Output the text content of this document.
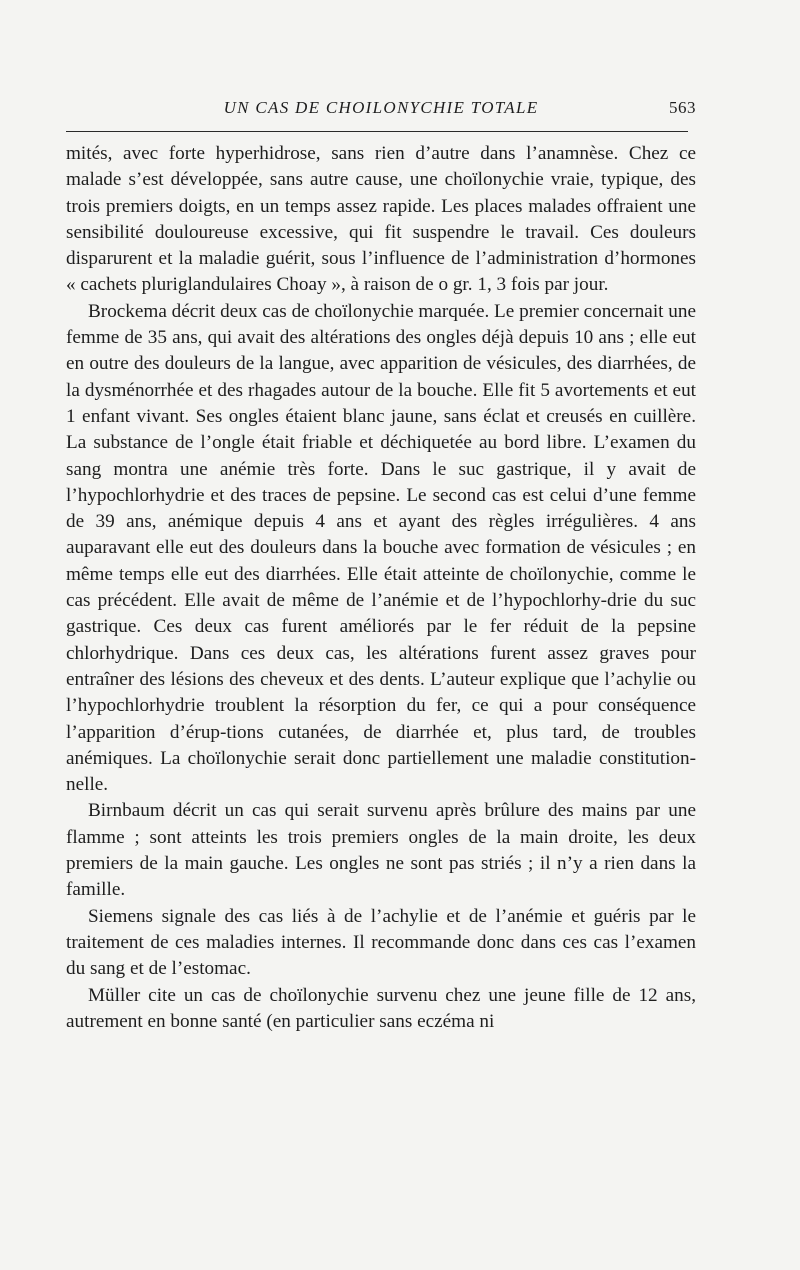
UN CAS DE CHOILONYCHIE TOTALE	563

mités, avec forte hyperhidrose, sans rien d’autre dans l’anamnèse. Chez ce malade s’est développée, sans autre cause, une choïlonychie vraie, typique, des trois premiers doigts, en un temps assez rapide. Les places malades offraient une sensibilité douloureuse excessive, qui fit suspendre le travail. Ces douleurs disparurent et la maladie guérit, sous l’influence de l’administration d’hormones « cachets pluriglandulaires Choay », à raison de o gr. 1, 3 fois par jour.

Brockema décrit deux cas de choïlonychie marquée. Le premier concernait une femme de 35 ans, qui avait des altérations des ongles déjà depuis 10 ans ; elle eut en outre des douleurs de la langue, avec apparition de vésicules, des diarrhées, de la dysménorrhée et des rhagades autour de la bouche. Elle fit 5 avortements et eut 1 enfant vivant. Ses ongles étaient blanc jaune, sans éclat et creusés en cuillère. La substance de l’ongle était friable et déchiquetée au bord libre. L’examen du sang montra une anémie très forte. Dans le suc gastrique, il y avait de l’hypochlorhydrie et des traces de pepsine. Le second cas est celui d’une femme de 39 ans, anémique depuis 4 ans et ayant des règles irrégulières. 4 ans auparavant elle eut des douleurs dans la bouche avec formation de vésicules ; en même temps elle eut des diarrhées. Elle était atteinte de choïlonychie, comme le cas précédent. Elle avait de même de l’anémie et de l’hypochlorhy-drie du suc gastrique. Ces deux cas furent améliorés par le fer réduit de la pepsine chlorhydrique. Dans ces deux cas, les altérations furent assez graves pour entraîner des lésions des cheveux et des dents. L’auteur explique que l’achylie ou l’hypochlorhydrie troublent la résorption du fer, ce qui a pour conséquence l’apparition d’érup-tions cutanées, de diarrhée et, plus tard, de troubles anémiques. La choïlonychie serait donc partiellement une maladie constitution-nelle.

Birnbaum décrit un cas qui serait survenu après brûlure des mains par une flamme ; sont atteints les trois premiers ongles de la main droite, les deux premiers de la main gauche. Les ongles ne sont pas striés ; il n’y a rien dans la famille.

Siemens signale des cas liés à de l’achylie et de l’anémie et guéris par le traitement de ces maladies internes. Il recommande donc dans ces cas l’examen du sang et de l’estomac.

Müller cite un cas de choïlonychie survenu chez une jeune fille de 12 ans, autrement en bonne santé (en particulier sans eczéma ni
